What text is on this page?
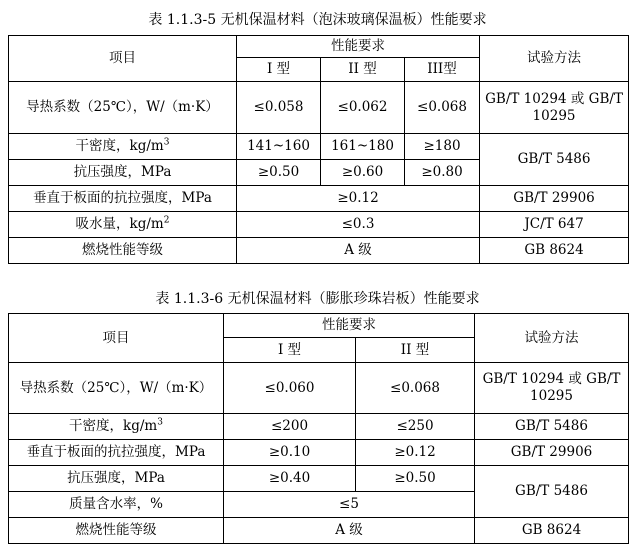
表 1.1.3-5 无机保温材料（泡沫玻璃保温板）性能要求
项目	性能要求			试验方法
	I 型	II 型	III型	
导热系数（25℃），W/（m·K）	≤0.058	≤0.062	≤0.068	GB/T 10294 或 GB/T 10295
干密度，$kg/m^3$	141~160	161~180	≥180	GB/T 5486
抗压强度，MPa	≥0.50	≥0.60	≥0.80	
垂直于板面的抗拉强度，MPa	≥0.12			GB/T 29906
吸水量，$kg/m^2$	≤0.3			JC/T 647
燃烧性能等级	A 级			GB 8624
表 1.1.3-6 无机保温材料（膨胀珍珠岩板）性能要求
项目	性能要求		试验方法
	I 型	II 型	
导热系数（25℃），W/（m·K）	≤0.060	≤0.068	GB/T 10294 或 GB/T 10295
干密度，$kg/m^3$	≤200	≤250	GB/T 5486
垂直于板面的抗拉强度，MPa	≥0.10	≥0.12	GB/T 29906
抗压强度，MPa	≥0.40	≥0.50	GB/T 5486
质量含水率，%	≤5		
燃烧性能等级	A 级		GB 8624
